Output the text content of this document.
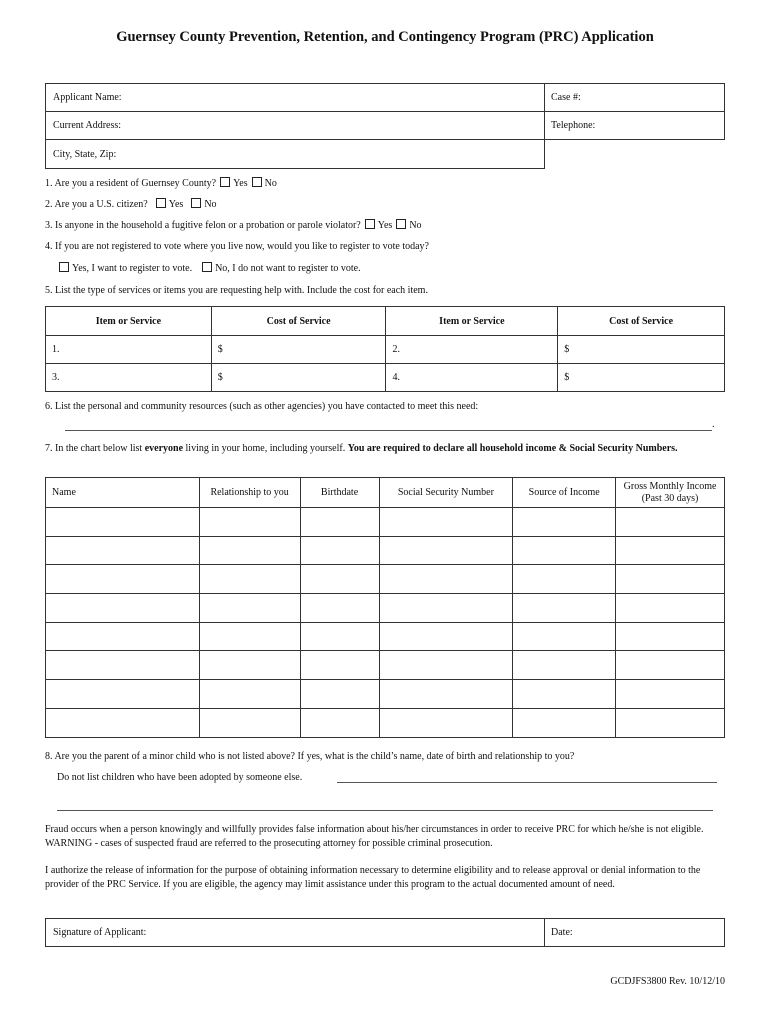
Guernsey County Prevention, Retention, and Contingency Program (PRC) Application
Applicant Name:	Case #:
Current Address:	Telephone:
City, State, Zip:
1. Are you a resident of Guernsey County? Yes No
2. Are you a U.S. citizen? Yes No
3. Is anyone in the household a fugitive felon or a probation or parole violator? Yes No
4. If you are not registered to vote where you live now, would you like to register to vote today?
Yes, I want to register to vote. No, I do not want to register to vote.
5. List the type of services or items you are requesting help with. Include the cost for each item.
Item or Service	Cost of Service	Item or Service	Cost of Service
1.	$	2.	$
3.	$	4.	$
6. List the personal and community resources (such as other agencies) you have contacted to meet this need:
.
7. In the chart below list everyone living in your home, including yourself. You are required to declare all household income & Social Security Numbers.
Name	Relationship to you	Birthdate	Social Security Number	Source of Income	Gross Monthly Income (Past 30 days)

8. Are you the parent of a minor child who is not listed above? If yes, what is the child’s name, date of birth and relationship to you?
Do not list children who have been adopted by someone else.
Fraud occurs when a person knowingly and willfully provides false information about his/her circumstances in order to receive PRC for which he/she is not eligible. WARNING - cases of suspected fraud are referred to the prosecuting attorney for possible criminal prosecution.
I authorize the release of information for the purpose of obtaining information necessary to determine eligibility and to release approval or denial information to the provider of the PRC Service. If you are eligible, the agency may limit assistance under this program to the actual documented amount of need.
Signature of Applicant:	Date:
GCDJFS3800 Rev. 10/12/10
